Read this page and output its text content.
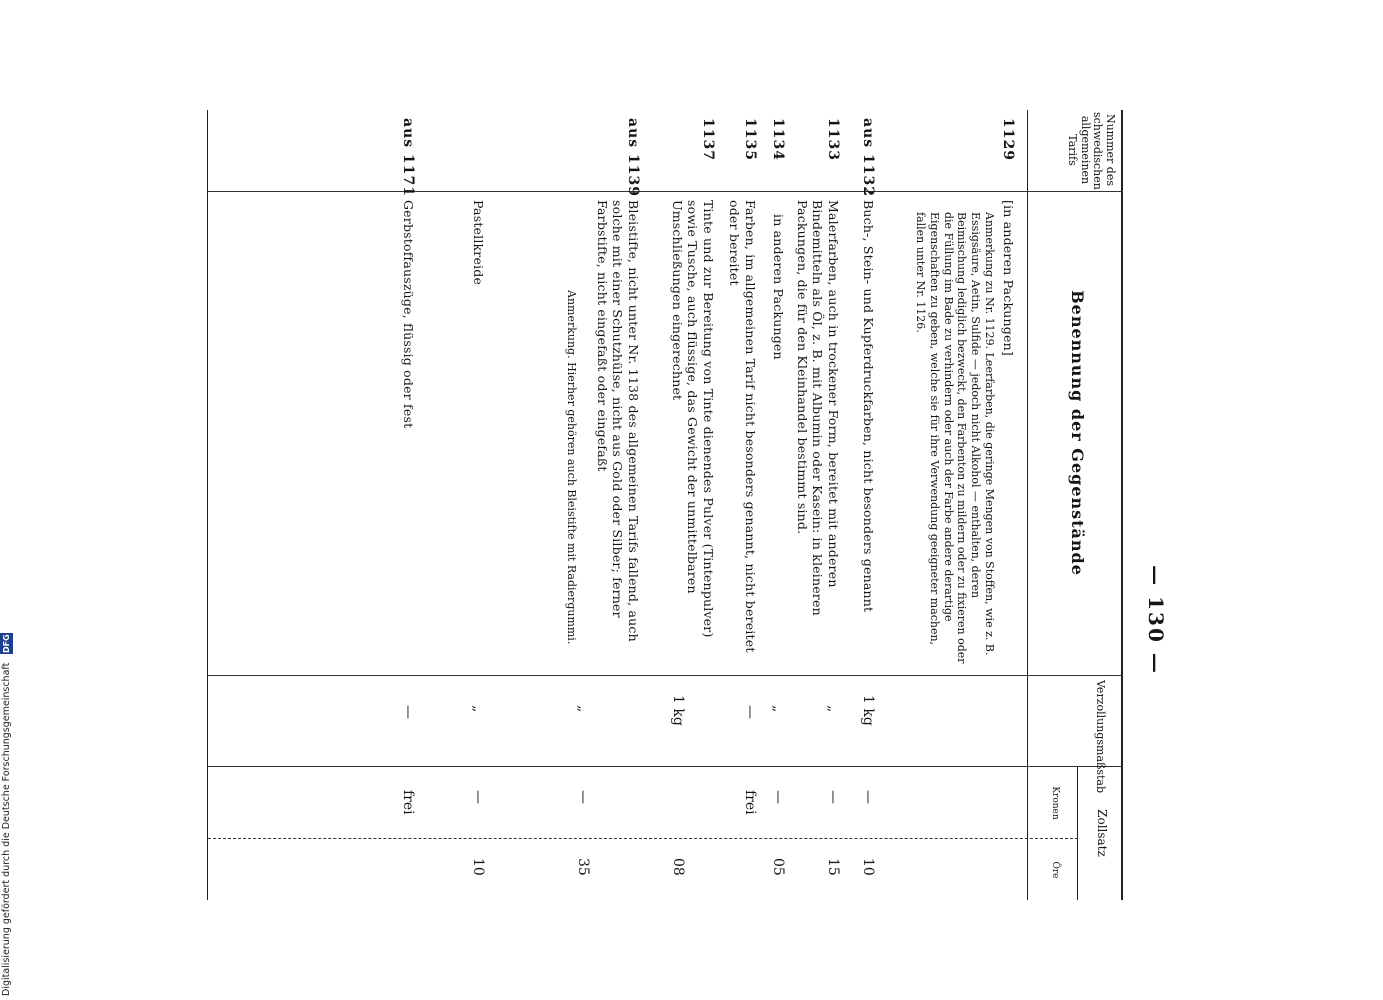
— 130 —
Nummer des schwedischen allgemeinen Tarifs
Benennung der Gegenstände
Verzollungsmaßstab
Zollsatz
Kronen
Öre
1129
[in anderen Packungen]
Anmerkung zu Nr. 1129. Leerfarben, die geringe Mengen von Stoffen, wie z. B. Essigsäure, Aetin, Sulfide — jedoch nicht Alkohol — enthalten, deren Beimischung lediglich bezweckt, den Farbenton zu mildern oder zu fixieren oder die Füllung im Bade zu verhindern oder auch der Farbe andere derartige Eigenschaften zu geben, welche sie für ihre Verwendung geeigneter machen, fallen unter Nr. 1126.
aus 1132
Buch-, Stein- und Kupferdruckfarben, nicht besonders genannt
1 kg
—
10
1133
Malerfarben, auch in trockener Form, bereitet mit anderen Bindemitteln als Öl, z. B. mit Albumin oder Kasein: in kleineren Packungen, die für den Kleinhandel bestimmt sind.
„
—
15
1134
in anderen Packungen
„
—
05
1135
Farben, im allgemeinen Tarif nicht besonders genannt, nicht bereitet oder bereitet
—
frei
1137
Tinte und zur Bereitung von Tinte dienendes Pulver (Tintenpulver) sowie Tusche, auch flüssige, das Gewicht der unmittelbaren Umschließungen eingerechnet
1 kg
08
aus 1139
Bleistifte, nicht unter Nr. 1138 des allgemeinen Tarifs fallend, auch solche mit einer Schutzhülse, nicht aus Gold oder Silber; ferner Farbstifte, nicht eingefaßt oder eingefaßt
Anmerkung. Hierher gehören auch Bleistifte mit Radiergummi.
„
—
35
Pastellkreide
„
—
10
aus 1171
Gerbstoffauszüge, flüssig oder fest
—
frei
Digitalisierung gefördert durch die Deutsche Forschungsgemeinschaft DFG
